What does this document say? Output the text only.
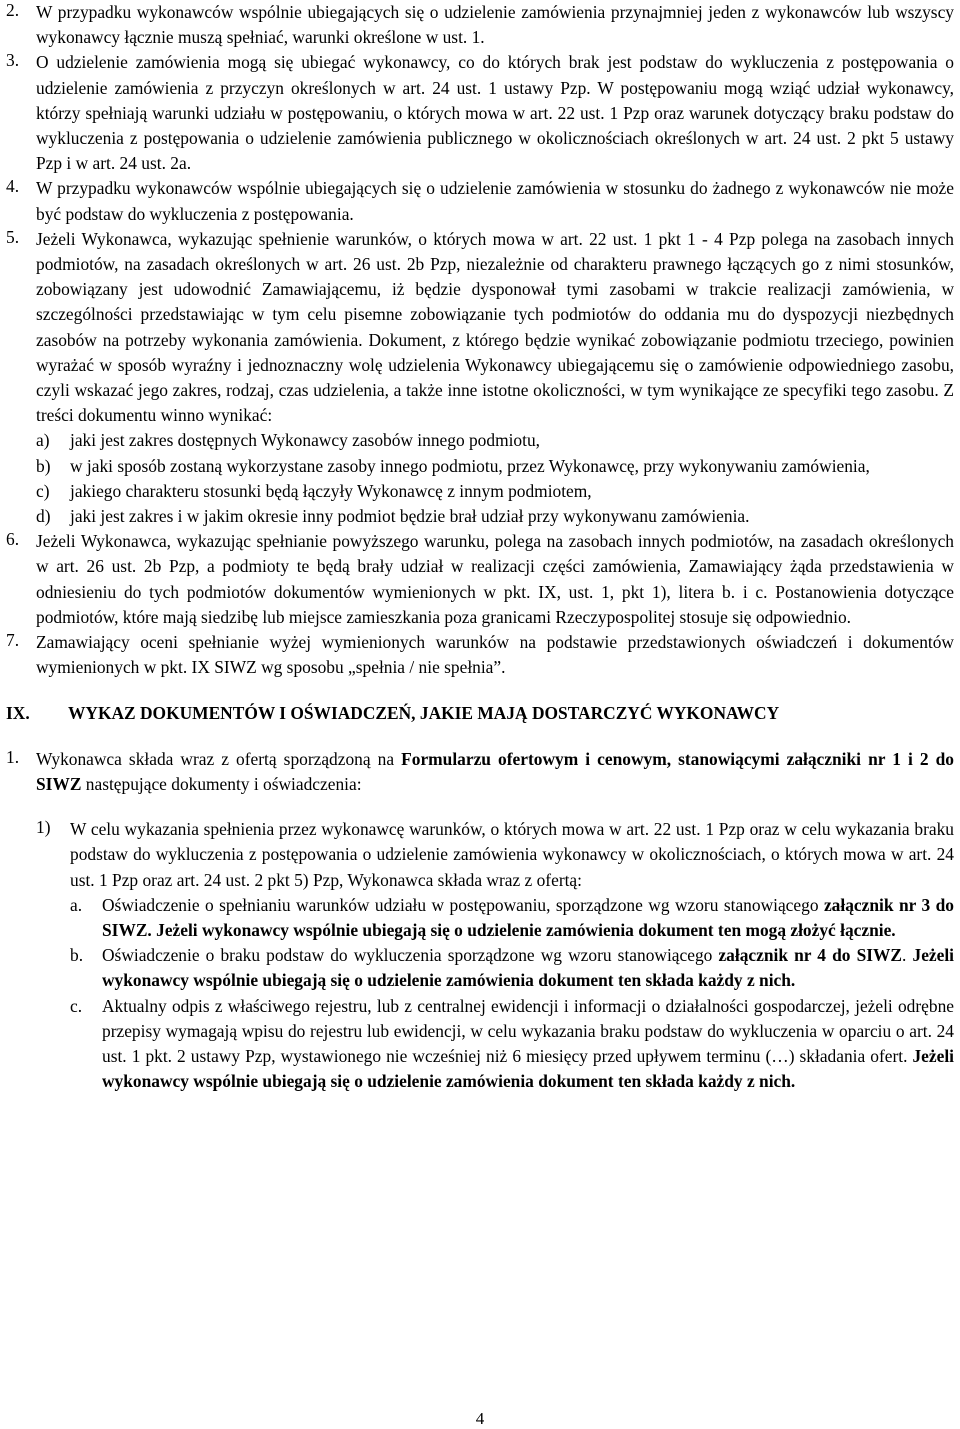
2. W przypadku wykonawców wspólnie ubiegających się o udzielenie zamówienia przynajmniej jeden z wykonawców lub wszyscy wykonawcy łącznie muszą spełniać, warunki określone w ust. 1.
3. O udzielenie zamówienia mogą się ubiegać wykonawcy, co do których brak jest podstaw do wykluczenia z postępowania o udzielenie zamówienia z przyczyn określonych w art. 24 ust. 1 ustawy Pzp. W postępowaniu mogą wziąć udział wykonawcy, którzy spełniają warunki udziału w postępowaniu, o których mowa w art. 22 ust. 1 Pzp oraz warunek dotyczący braku podstaw do wykluczenia z postępowania o udzielenie zamówienia publicznego w okolicznościach określonych w art. 24 ust. 2 pkt 5 ustawy Pzp i w art. 24 ust. 2a.
4. W przypadku wykonawców wspólnie ubiegających się o udzielenie zamówienia w stosunku do żadnego z wykonawców nie może być podstaw do wykluczenia z postępowania.
5. Jeżeli Wykonawca, wykazując spełnienie warunków, o których mowa w art. 22 ust. 1 pkt 1 - 4 Pzp polega na zasobach innych podmiotów, na zasadach określonych w art. 26 ust. 2b Pzp, niezależnie od charakteru prawnego łączących go z nimi stosunków, zobowiązany jest udowodnić Zamawiającemu, iż będzie dysponował tymi zasobami w trakcie realizacji zamówienia, w szczególności przedstawiając w tym celu pisemne zobowiązanie tych podmiotów do oddania mu do dyspozycji niezbędnych zasobów na potrzeby wykonania zamówienia. Dokument, z którego będzie wynikać zobowiązanie podmiotu trzeciego, powinien wyrażać w sposób wyraźny i jednoznaczny wolę udzielenia Wykonawcy ubiegającemu się o zamówienie odpowiedniego zasobu, czyli wskazać jego zakres, rodzaj, czas udzielenia, a także inne istotne okoliczności, w tym wynikające ze specyfiki tego zasobu. Z treści dokumentu winno wynikać:
a)	jaki jest zakres dostępnych Wykonawcy zasobów innego podmiotu,
b)	w jaki sposób zostaną wykorzystane zasoby innego podmiotu, przez Wykonawcę, przy wykonywaniu zamówienia,
c)	jakiego charakteru stosunki będą łączyły Wykonawcę z innym podmiotem,
d)	jaki jest zakres i w jakim okresie inny podmiot będzie brał udział przy wykonywanu zamówienia.
6. Jeżeli Wykonawca, wykazując spełnianie powyższego warunku, polega na zasobach innych podmiotów, na zasadach określonych w art. 26 ust. 2b Pzp, a podmioty te będą brały udział w realizacji części zamówienia, Zamawiający żąda przedstawienia w odniesieniu do tych podmiotów dokumentów wymienionych w pkt. IX, ust. 1, pkt 1), litera b. i c. Postanowienia dotyczące podmiotów, które mają siedzibę lub miejsce zamieszkania poza granicami Rzeczypospolitej stosuje się odpowiednio.
7. Zamawiający oceni spełnianie wyżej wymienionych warunków na podstawie przedstawionych oświadczeń i dokumentów wymienionych w pkt. IX SIWZ wg sposobu „spełnia / nie spełnia”.
IX.	WYKAZ DOKUMENTÓW I OŚWIADCZEŃ, JAKIE MAJĄ DOSTARCZYĆ WYKONAWCY
1. Wykonawca składa wraz z ofertą sporządzoną na Formularzu ofertowym i cenowym, stanowiącymi załączniki nr 1 i 2 do SIWZ następujące dokumenty i oświadczenia:
1)	W celu wykazania spełnienia przez wykonawcę warunków, o których mowa w art. 22 ust. 1 Pzp oraz w celu wykazania braku podstaw do wykluczenia z postępowania o udzielenie zamówienia wykonawcy w okolicznościach, o których mowa w art. 24 ust. 1 Pzp oraz art. 24 ust. 2 pkt 5) Pzp, Wykonawca składa wraz z ofertą:
a.	Oświadczenie o spełnianiu warunków udziału w postępowaniu, sporządzone wg wzoru stanowiącego załącznik nr 3 do SIWZ. Jeżeli wykonawcy wspólnie ubiegają się o udzielenie zamówienia dokument ten mogą złożyć łącznie.
b.	Oświadczenie o braku podstaw do wykluczenia sporządzone wg wzoru stanowiącego załącznik nr 4 do SIWZ. Jeżeli wykonawcy wspólnie ubiegają się o udzielenie zamówienia dokument ten składa każdy z nich.
c.	Aktualny odpis z właściwego rejestru, lub z centralnej ewidencji i informacji o działalności gospodarczej, jeżeli odrębne przepisy wymagają wpisu do rejestru lub ewidencji, w celu wykazania braku podstaw do wykluczenia w oparciu o art. 24 ust. 1 pkt. 2 ustawy Pzp, wystawionego nie wcześniej niż 6 miesięcy przed upływem terminu (…) składania ofert. Jeżeli wykonawcy wspólnie ubiegają się o udzielenie zamówienia dokument ten składa każdy z nich.
4
